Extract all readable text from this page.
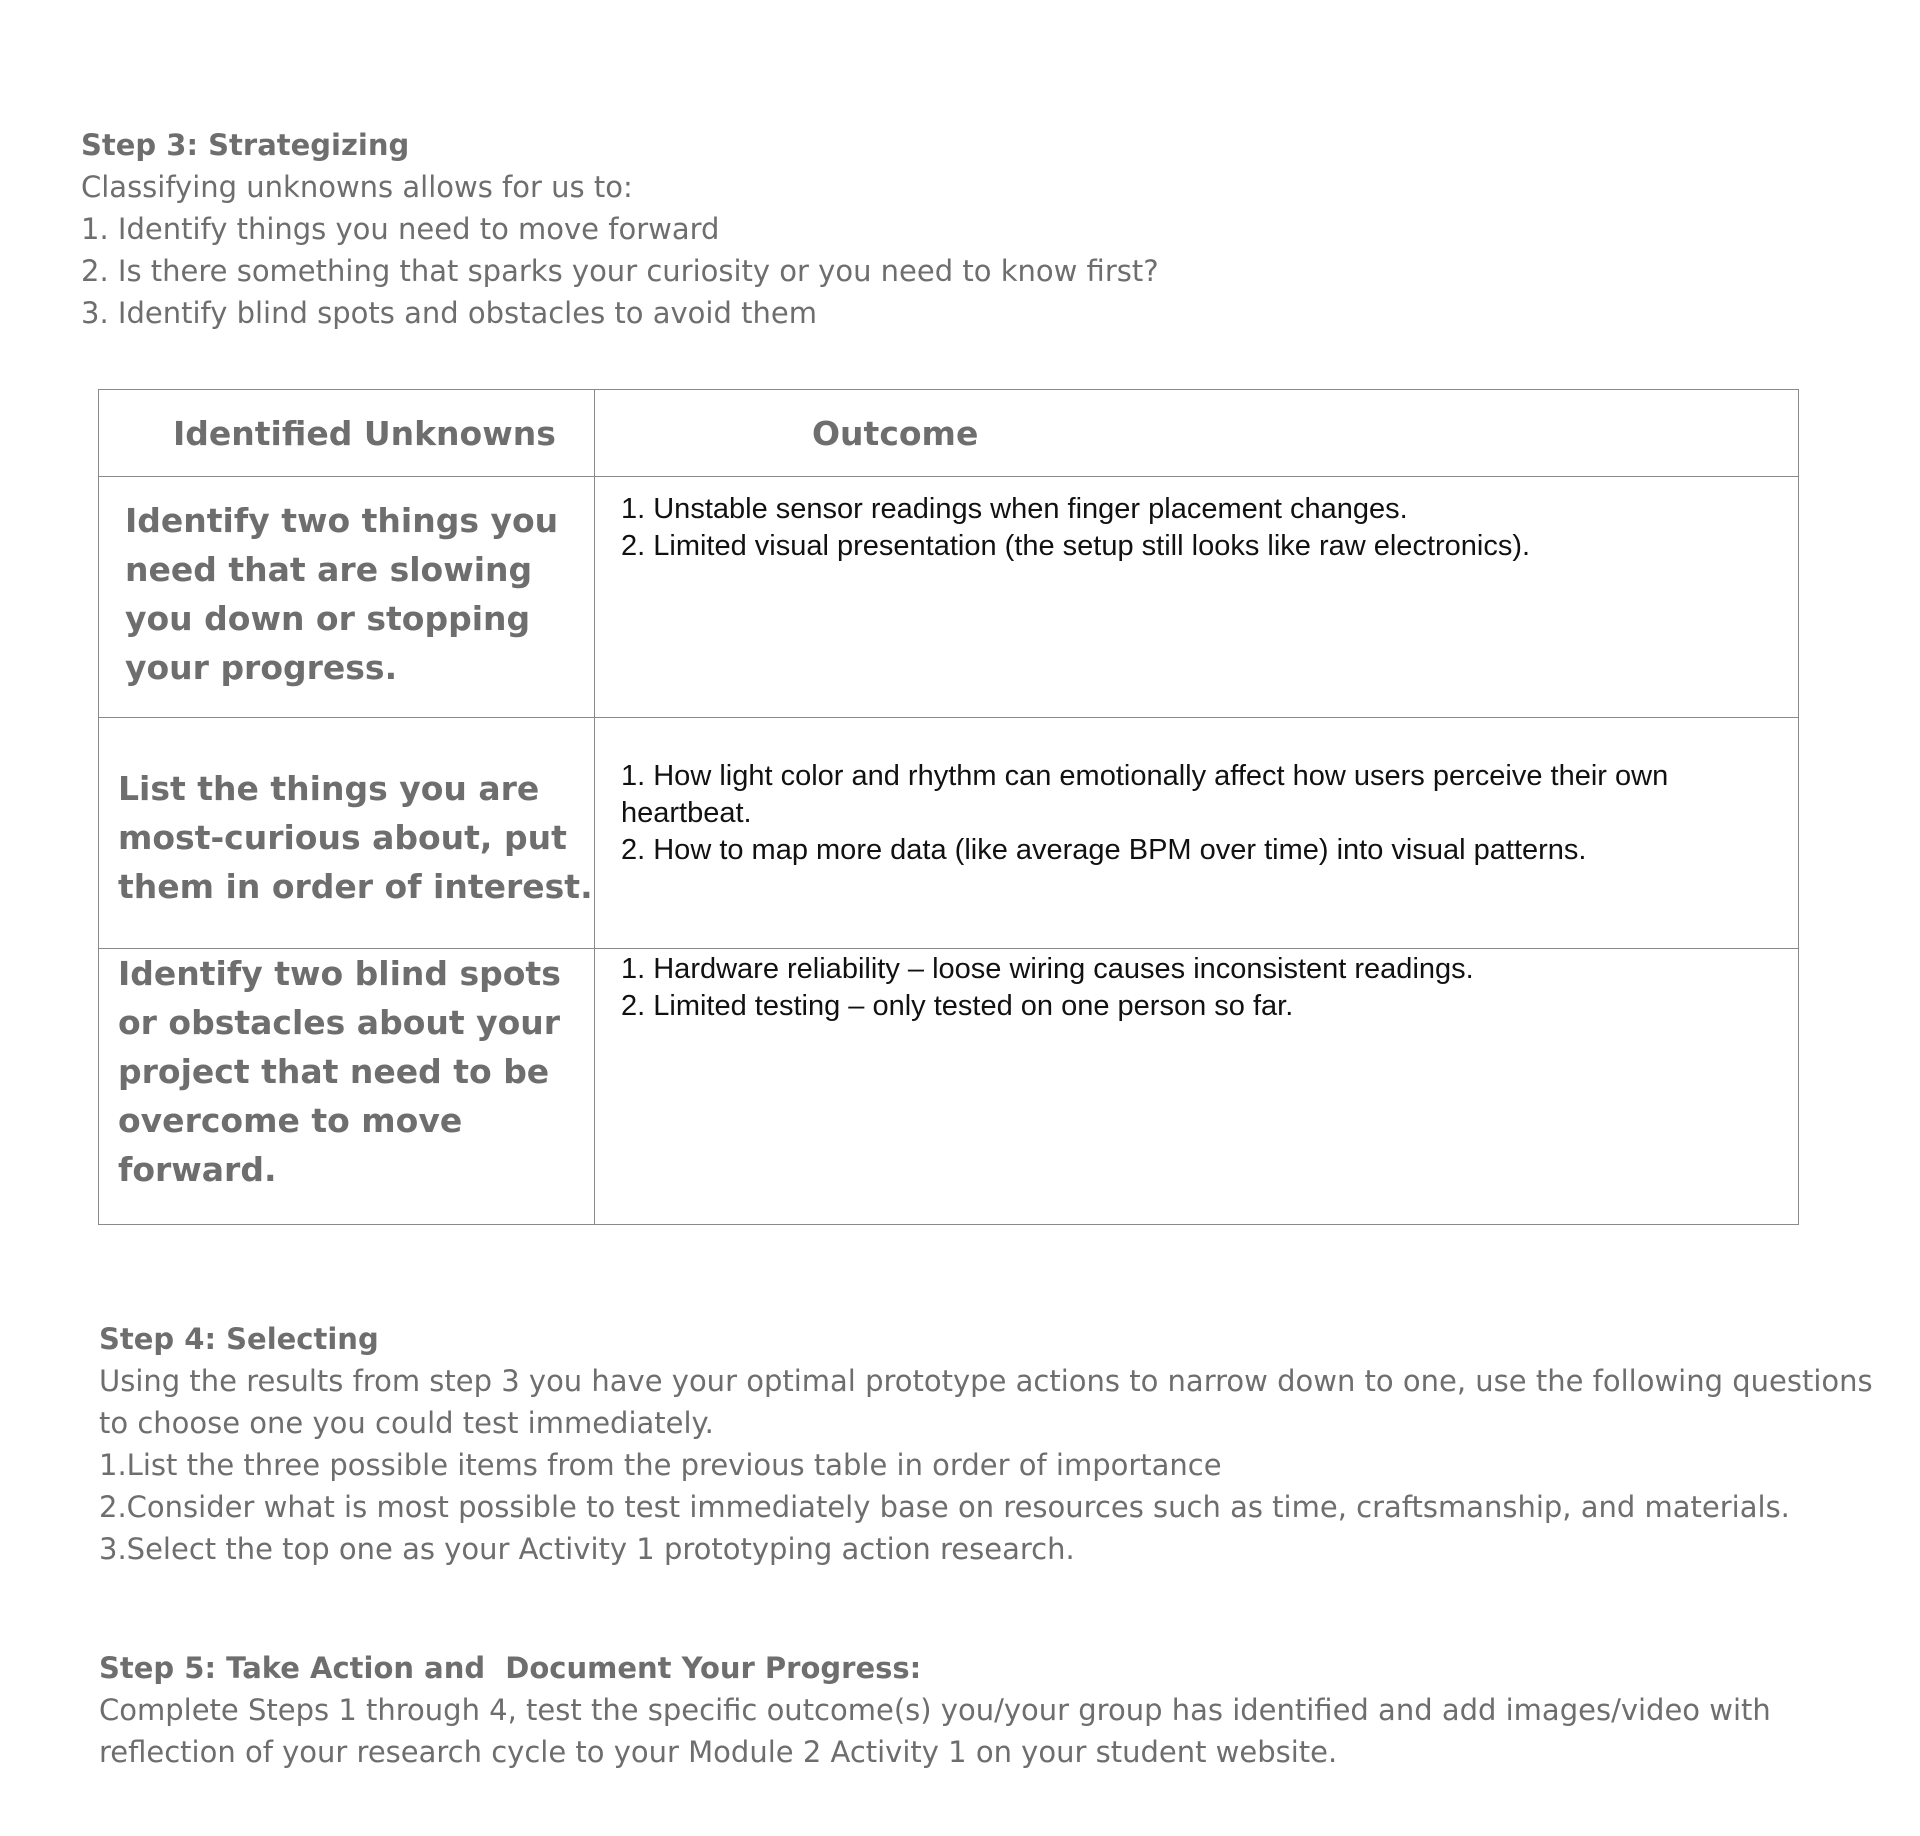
Step 3: Strategizing
Classifying unknowns allows for us to:
1. Identify things you need to move forward
2. Is there something that sparks your curiosity or you need to know first?
3. Identify blind spots and obstacles to avoid them
Identified Unknowns	Outcome

Identify two things you need that are slowing you down or stopping your progress.	1. Unstable sensor readings when finger placement changes.
2. Limited visual presentation (the setup still looks like raw electronics).

List the things you are most-curious about, put them in order of interest.	1. How light color and rhythm can emotionally affect how users perceive their own heartbeat.
2. How to map more data (like average BPM over time) into visual patterns.

Identify two blind spots or obstacles about your project that need to be overcome to move forward.	1. Hardware reliability – loose wiring causes inconsistent readings.
2. Limited testing – only tested on one person so far.
Step 4: Selecting
Using the results from step 3 you have your optimal prototype actions to narrow down to one, use the following questions to choose one you could test immediately.
1.List the three possible items from the previous table in order of importance
2.Consider what is most possible to test immediately base on resources such as time, craftsmanship, and materials.
3.Select the top one as your Activity 1 prototyping action research.
Step 5: Take Action and  Document Your Progress:
Complete Steps 1 through 4, test the specific outcome(s) you/your group has identified and add images/video with reflection of your research cycle to your Module 2 Activity 1 on your student website.
